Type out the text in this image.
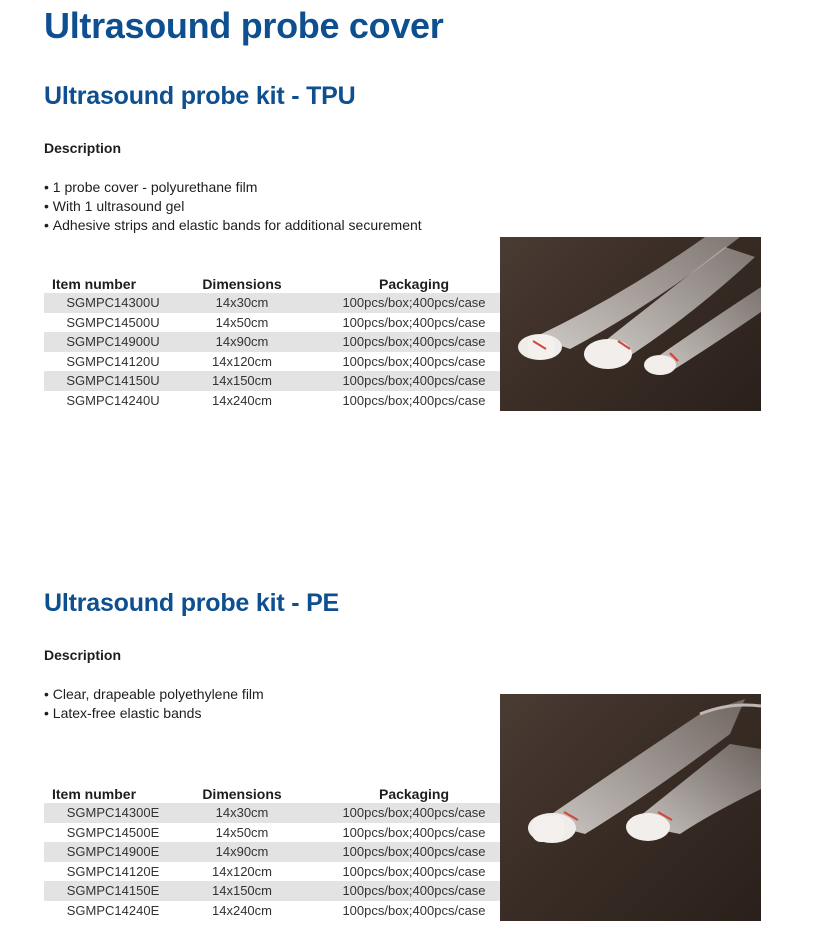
Ultrasound probe cover
Ultrasound probe kit - TPU
Description
• 1 probe cover - polyurethane film
• With 1 ultrasound gel
• Adhesive strips and elastic bands for additional securement
Item number	Dimensions	Packaging
SGMPC14300U	14x30cm	100pcs/box;400pcs/case
SGMPC14500U	14x50cm	100pcs/box;400pcs/case
SGMPC14900U	14x90cm	100pcs/box;400pcs/case
SGMPC14120U	14x120cm	100pcs/box;400pcs/case
SGMPC14150U	14x150cm	100pcs/box;400pcs/case
SGMPC14240U	14x240cm	100pcs/box;400pcs/case
Ultrasound probe kit - PE
Description
• Clear, drapeable polyethylene film
• Latex-free elastic bands
Item number	Dimensions	Packaging
SGMPC14300E	14x30cm	100pcs/box;400pcs/case
SGMPC14500E	14x50cm	100pcs/box;400pcs/case
SGMPC14900E	14x90cm	100pcs/box;400pcs/case
SGMPC14120E	14x120cm	100pcs/box;400pcs/case
SGMPC14150E	14x150cm	100pcs/box;400pcs/case
SGMPC14240E	14x240cm	100pcs/box;400pcs/case
